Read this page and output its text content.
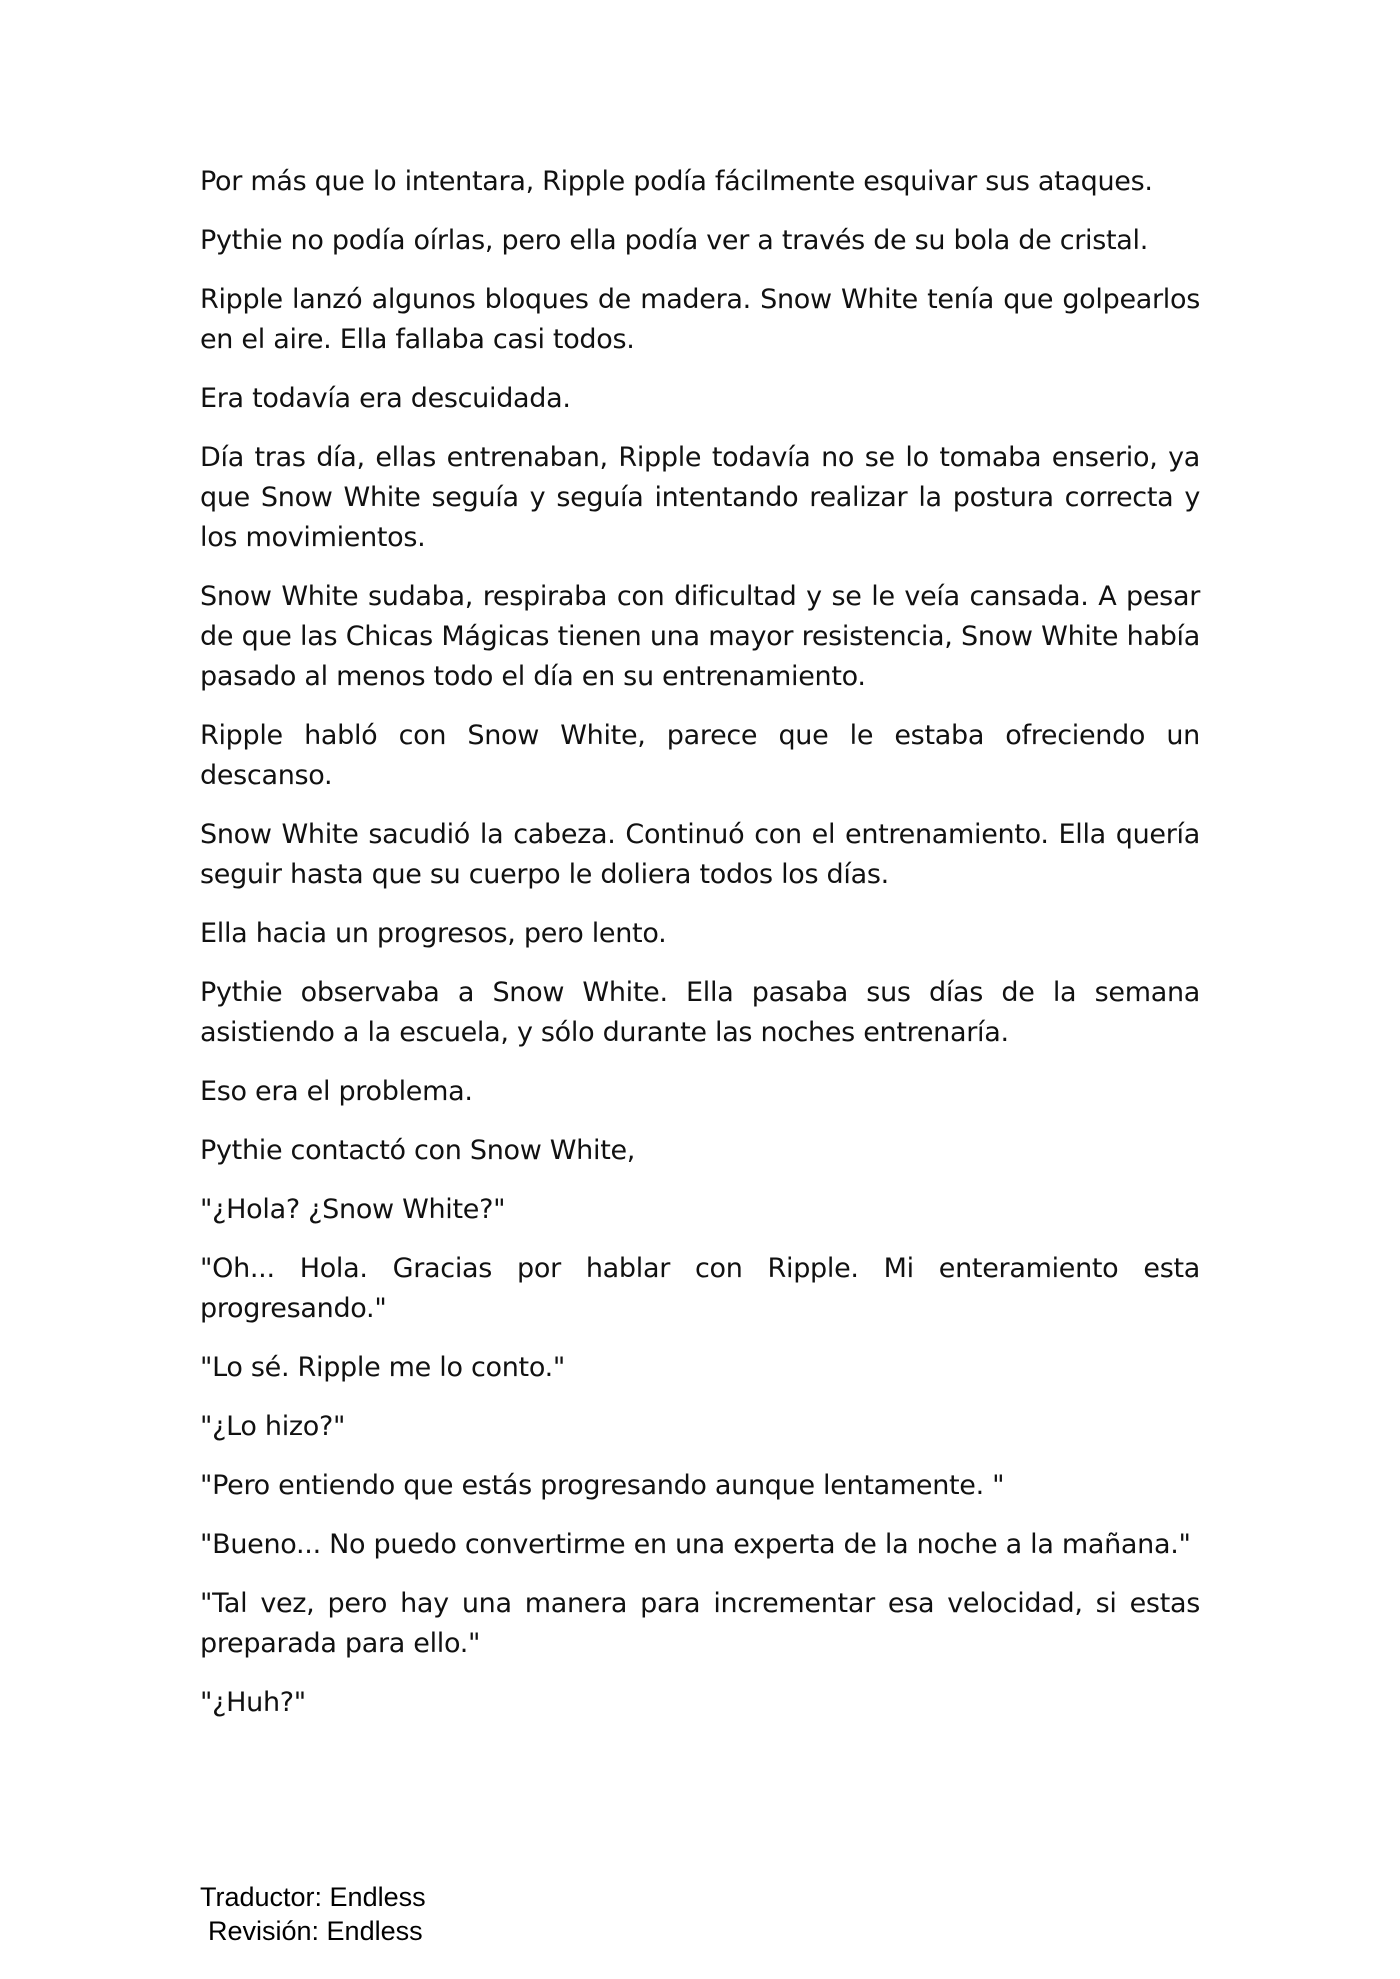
Por más que lo intentara, Ripple podía fácilmente esquivar sus ataques.

Pythie no podía oírlas, pero ella podía ver a través de su bola de cristal.

Ripple lanzó algunos bloques de madera. Snow White tenía que golpearlos en el aire. Ella fallaba casi todos.

Era todavía era descuidada.

Día tras día, ellas entrenaban, Ripple todavía no se lo tomaba enserio, ya que Snow White seguía y seguía intentando realizar la postura correcta y los movimientos.

Snow White sudaba, respiraba con dificultad y se le veía cansada. A pesar de que las Chicas Mágicas tienen una mayor resistencia, Snow White había pasado al menos todo el día en su entrenamiento.

Ripple habló con Snow White, parece que le estaba ofreciendo un descanso.

Snow White sacudió la cabeza. Continuó con el entrenamiento. Ella quería seguir hasta que su cuerpo le doliera todos los días.

Ella hacia un progresos, pero lento.

Pythie observaba a Snow White. Ella pasaba sus días de la semana asistiendo a la escuela, y sólo durante las noches entrenaría.

Eso era el problema.

Pythie contactó con Snow White,

"¿Hola? ¿Snow White?"

"Oh... Hola. Gracias por hablar con Ripple. Mi enteramiento esta progresando."

"Lo sé. Ripple me lo conto."

"¿Lo hizo?"

"Pero entiendo que estás progresando aunque lentamente. "

"Bueno... No puedo convertirme en una experta de la noche a la mañana."

"Tal vez, pero hay una manera para incrementar esa velocidad, si estas preparada para ello."

"¿Huh?"

Traductor: Endless
Revisión: Endless
